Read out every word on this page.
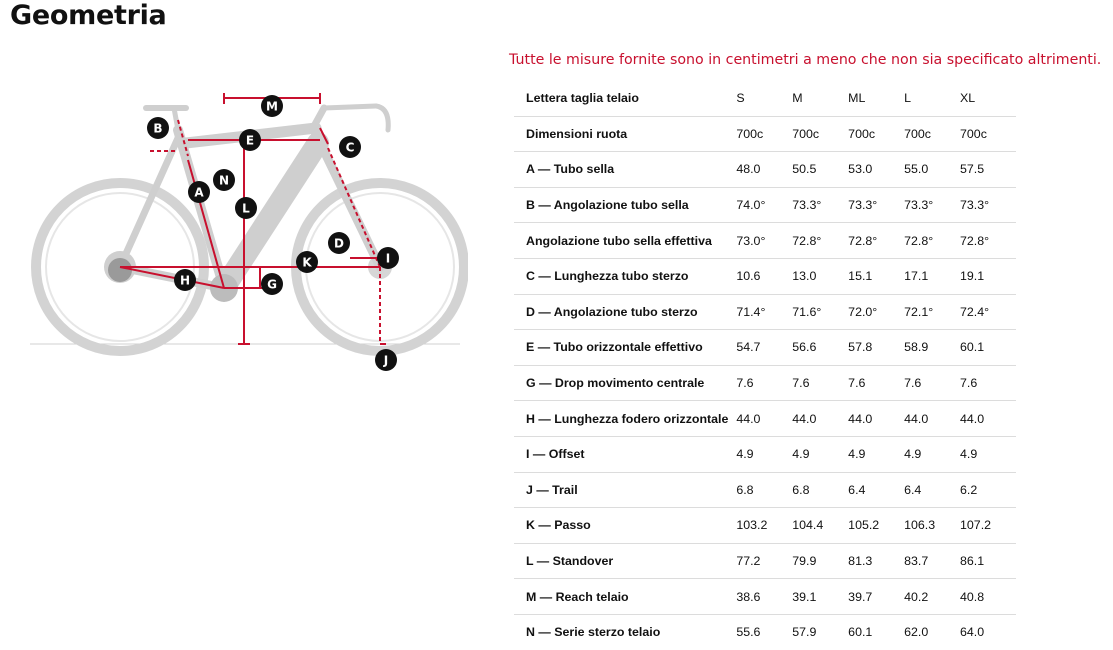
Geometria
Tutte le misure fornite sono in centimetri a meno che non sia specificato altrimenti.
M
B
E	C
N
A
L
D
I
K
H	G
J
Lettera taglia telaio	S	M	ML	L	XL
Dimensioni ruota	700c	700c	700c	700c	700c
A — Tubo sella	48.0	50.5	53.0	55.0	57.5
B — Angolazione tubo sella	74.0°	73.3°	73.3°	73.3°	73.3°
Angolazione tubo sella effettiva	73.0°	72.8°	72.8°	72.8°	72.8°
C — Lunghezza tubo sterzo	10.6	13.0	15.1	17.1	19.1
D — Angolazione tubo sterzo	71.4°	71.6°	72.0°	72.1°	72.4°
E — Tubo orizzontale effettivo	54.7	56.6	57.8	58.9	60.1
G — Drop movimento centrale	7.6	7.6	7.6	7.6	7.6
H — Lunghezza fodero orizzontale	44.0	44.0	44.0	44.0	44.0
I — Offset	4.9	4.9	4.9	4.9	4.9
J — Trail	6.8	6.8	6.4	6.4	6.2
K — Passo	103.2	104.4	105.2	106.3	107.2
L — Standover	77.2	79.9	81.3	83.7	86.1
M — Reach telaio	38.6	39.1	39.7	40.2	40.8
N — Serie sterzo telaio	55.6	57.9	60.1	62.0	64.0
